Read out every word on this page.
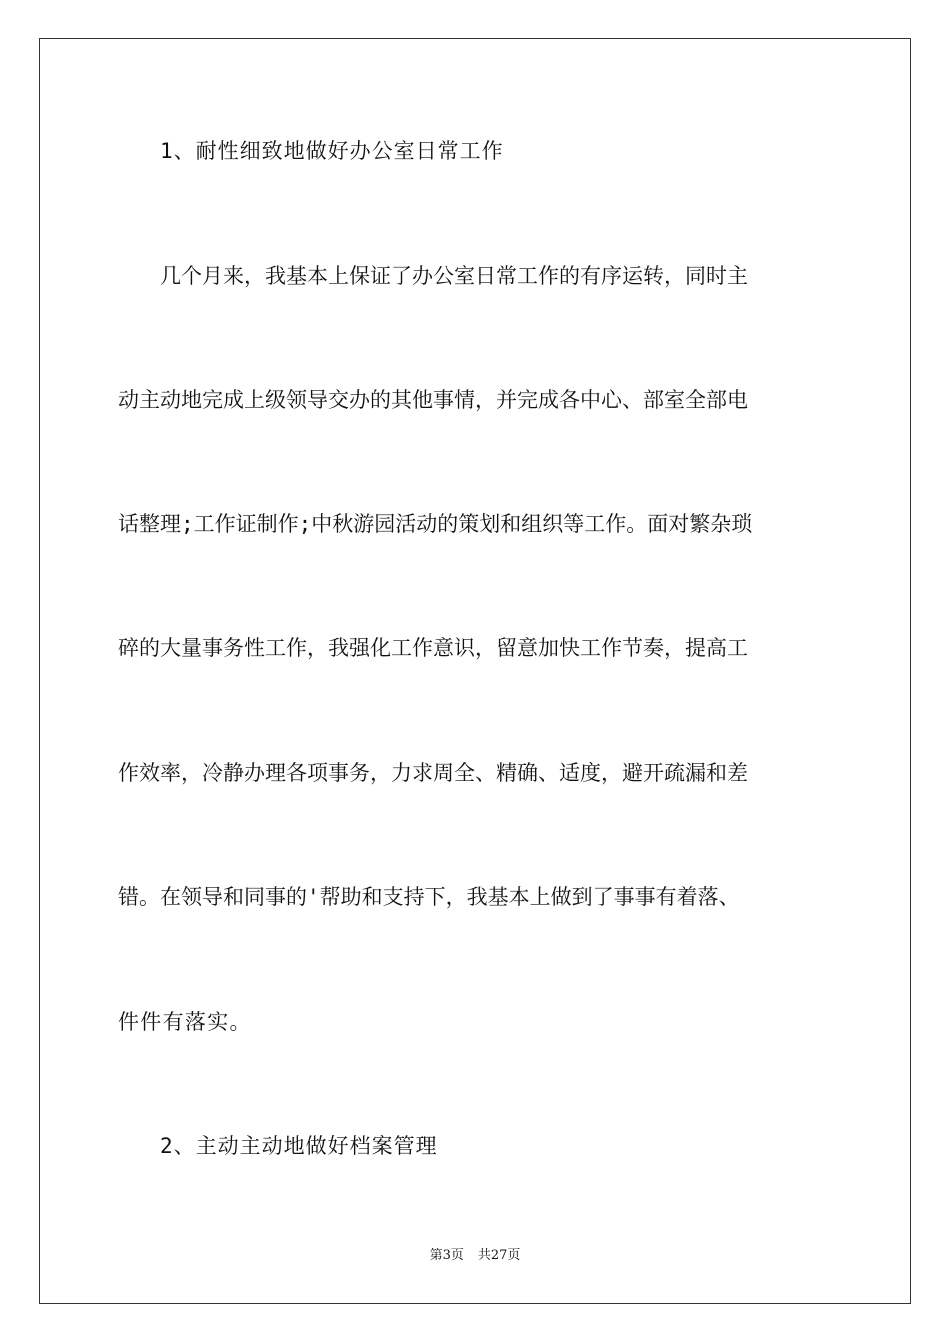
1、耐性细致地做好办公室日常工作
几个月来，我基本上保证了办公室日常工作的有序运转，同时主
动主动地完成上级领导交办的其他事情，并完成各中心、部室全部电
话整理;工作证制作;中秋游园活动的策划和组织等工作。面对繁杂琐
碎的大量事务性工作，我强化工作意识，留意加快工作节奏，提高工
作效率，冷静办理各项事务，力求周全、精确、适度，避开疏漏和差
错。在领导和同事的'帮助和支持下，我基本上做到了事事有着落、
件件有落实。
2、主动主动地做好档案管理
第3页 共27页
